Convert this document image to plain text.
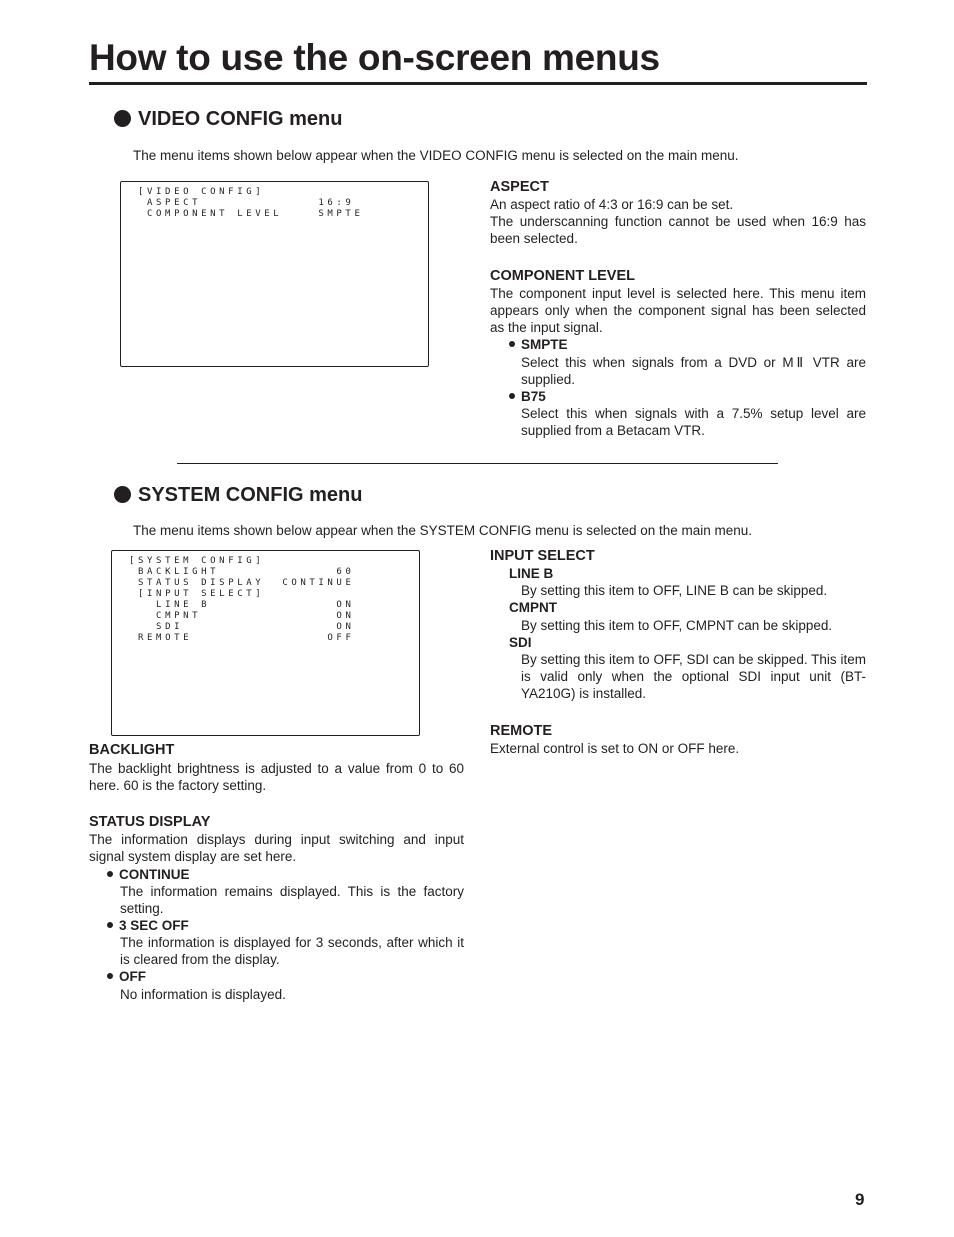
How to use the on-screen menus
VIDEO CONFIG menu
The menu items shown below appear when the VIDEO CONFIG menu is selected on the main menu.
[VIDEO CONFIG]
ASPECT             16:9
COMPONENT LEVEL    SMPTE
ASPECT
An aspect ratio of 4:3 or 16:9 can be set.
The underscanning function cannot be used when 16:9 has been selected.
COMPONENT LEVEL
The component input level is selected here. This menu item appears only when the component signal has been selected as the input signal.
SMPTE
Select this when signals from a DVD or MⅡ VTR are supplied.
B75
Select this when signals with a 7.5% setup level are supplied from a Betacam VTR.
SYSTEM CONFIG menu
The menu items shown below appear when the SYSTEM CONFIG menu is selected on the main menu.
[SYSTEM CONFIG]
BACKLIGHT             60
STATUS DISPLAY  CONTINUE
[INPUT SELECT]
LINE B              ON
CMPNT               ON
SDI                 ON
REMOTE               OFF
BACKLIGHT
The backlight brightness is adjusted to a value from 0 to 60 here. 60 is the factory setting.
STATUS DISPLAY
The information displays during input switching and input signal system display are set here.
CONTINUE
The information remains displayed. This is the factory setting.
3 SEC OFF
The information is displayed for 3 seconds, after which it is cleared from the display.
OFF
No information is displayed.
INPUT SELECT
LINE B
By setting this item to OFF, LINE B can be skipped.
CMPNT
By setting this item to OFF, CMPNT can be skipped.
SDI
By setting this item to OFF, SDI can be skipped. This item is valid only when the optional SDI input unit (BT-YA210G) is installed.
REMOTE
External control is set to ON or OFF here.
9
